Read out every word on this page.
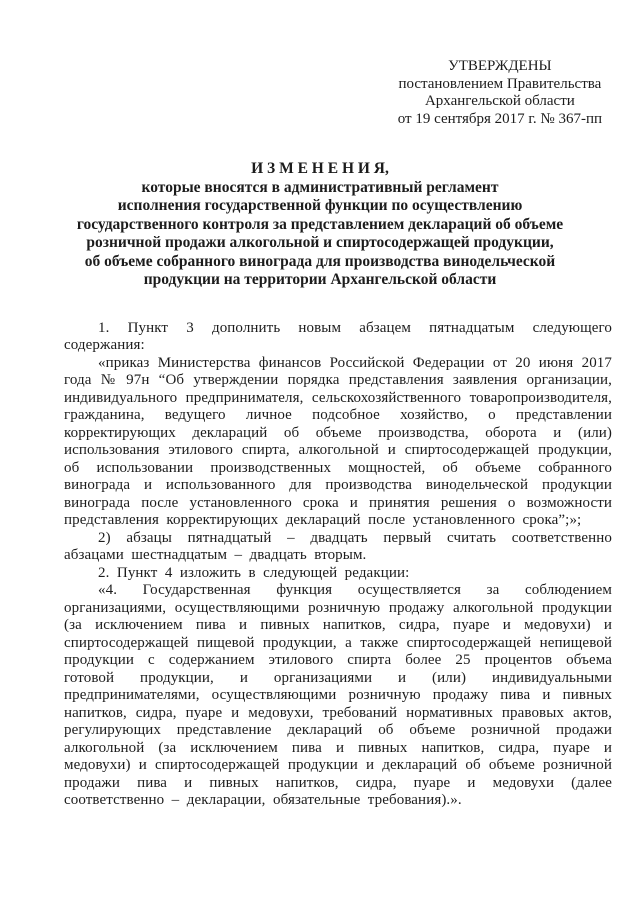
УТВЕРЖДЕНЫ
постановлением Правительства
Архангельской области
от 19 сентября 2017 г. № 367-пп
И З М Е Н Е Н И Я,
которые вносятся в административный регламент
исполнения государственной функции по осуществлению
государственного контроля за представлением деклараций об объеме
розничной продажи алкогольной и спиртосодержащей продукции,
об объеме собранного винограда для производства винодельческой
продукции на территории Архангельской области

1. Пункт 3 дополнить новым абзацем пятнадцатым следующего содержания:

«приказ Министерства финансов Российской Федерации от 20 июня 2017 года № 97н “Об утверждении порядка представления заявления организации, индивидуального предпринимателя, сельскохозяйственного товаропроизводителя, гражданина, ведущего личное подсобное хозяйство, о представлении корректирующих деклараций об объеме производства, оборота и (или) использования этилового спирта, алкогольной и спиртосодержащей продукции, об использовании производственных мощностей, об объеме собранного винограда и использованного для производства винодельческой продукции винограда после установленного срока и принятия решения о возможности представления корректирующих деклараций после установленного срока”;»;

2) абзацы пятнадцатый – двадцать первый считать соответственно абзацами шестнадцатым – двадцать вторым.

2. Пункт 4 изложить в следующей редакции:

«4. Государственная функция осуществляется за соблюдением организациями, осуществляющими розничную продажу алкогольной продукции (за исключением пива и пивных напитков, сидра, пуаре и медовухи) и спиртосодержащей пищевой продукции, а также спиртосодержащей непищевой продукции с содержанием этилового спирта более 25 процентов объема готовой продукции, и организациями и (или) индивидуальными предпринимателями, осуществляющими розничную продажу пива и пивных напитков, сидра, пуаре и медовухи, требований нормативных правовых актов, регулирующих представление деклараций об объеме розничной продажи алкогольной (за исключением пива и пивных напитков, сидра, пуаре и медовухи) и спиртосодержащей продукции и деклараций об объеме розничной продажи пива и пивных напитков, сидра, пуаре и медовухи (далее соответственно – декларации, обязательные требования).».
